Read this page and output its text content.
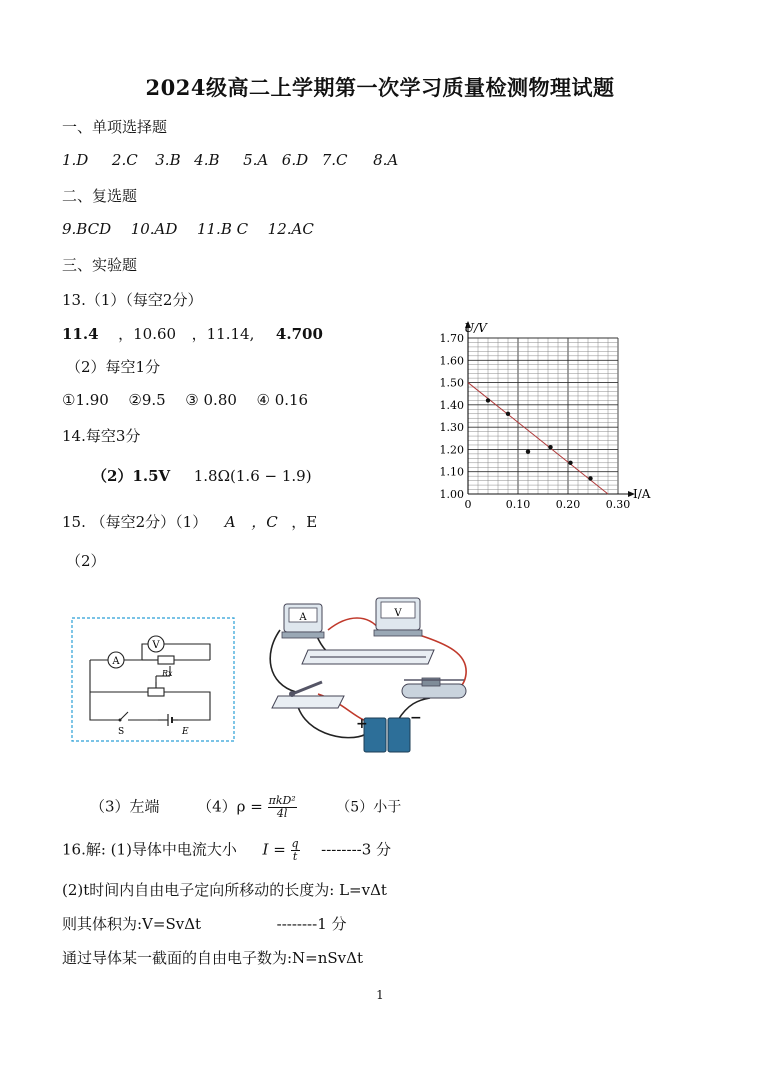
2024级高二上学期第一次学习质量检测物理试题
一、单项选择题
1.D 2.C 3.B 4.B 5.A 6.D 7.C 8.A
二、复选题
9.BCD 10.AD 11.B C 12.AC
三、实验题
13.（1）（每空2分）
11.4 ，10.60 ，11.14, 4.700
（2）每空1分
①1.90 ②9.5 ③ 0.80 ④ 0.16
14.每空3分
（2）1.5V 1.8Ω(1.6 − 1.9)
15. （每空2分）（1） A ，C ，E
（2）
1.70
1.60
1.50
1.40
1.30
1.20
1.10
1.00
0	0.10 0.20 0.30
U/V
I/A
V
A
Rx
S	E
A	V
+	−
（3）左端	$(4)\rho = \frac{\text{πkD²}}{4l}$	（5）小于
16.解: (1)导体中电流大小 $I = \frac{q}{t} --------3$ 分
(2)t时间内自由电子定向所移动的长度为: L=vΔt
则其体积为:V=SvΔt	--------1 分
通过导体某一截面的自由电子数为:N=nSvΔt
1
